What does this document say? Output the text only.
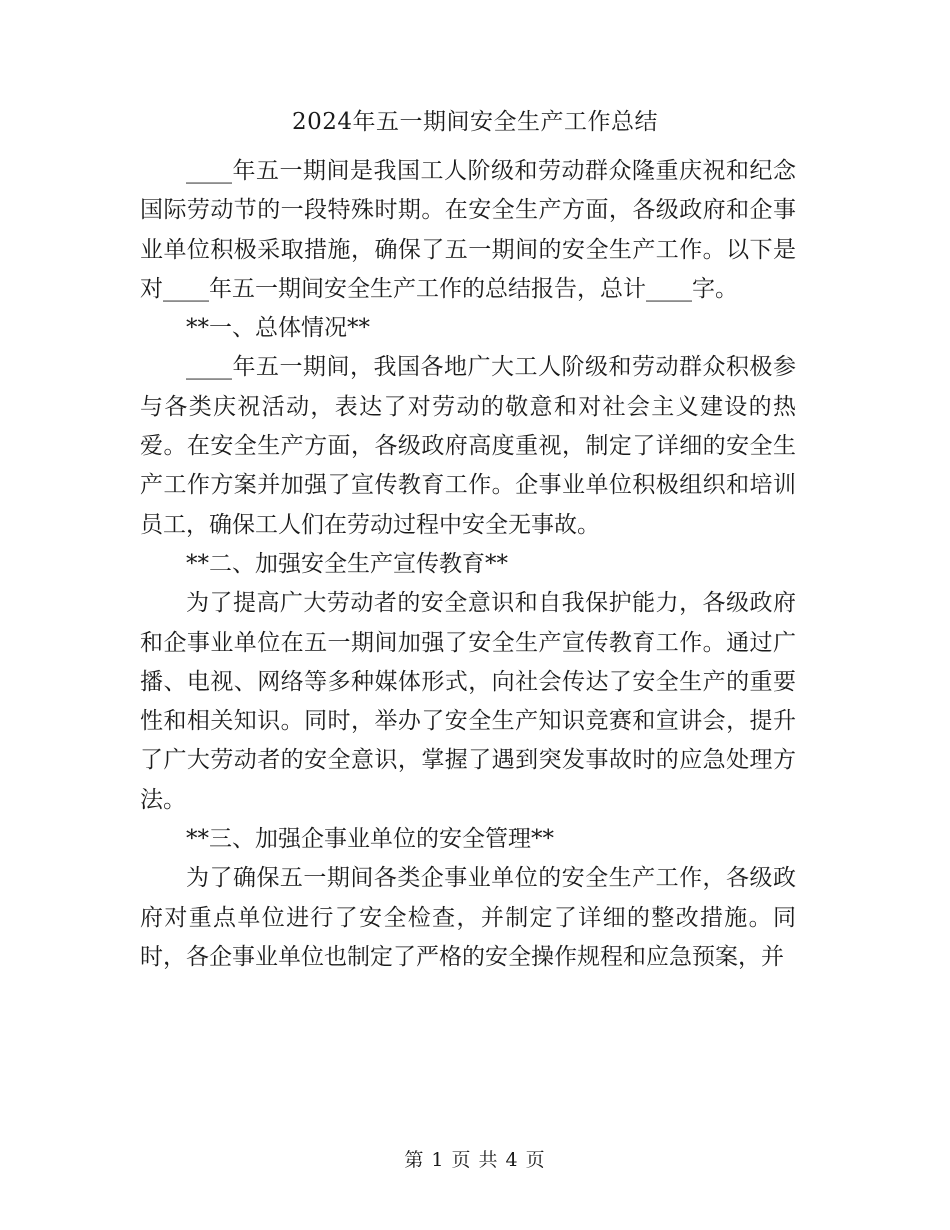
2024年五一期间安全生产工作总结

____年五一期间是我国工人阶级和劳动群众隆重庆祝和纪念国际劳动节的一段特殊时期。在安全生产方面，各级政府和企事业单位积极采取措施，确保了五一期间的安全生产工作。以下是对____年五一期间安全生产工作的总结报告，总计____字。

**一、总体情况**

____年五一期间，我国各地广大工人阶级和劳动群众积极参与各类庆祝活动，表达了对劳动的敬意和对社会主义建设的热爱。在安全生产方面，各级政府高度重视，制定了详细的安全生产工作方案并加强了宣传教育工作。企事业单位积极组织和培训员工，确保工人们在劳动过程中安全无事故。

**二、加强安全生产宣传教育**

为了提高广大劳动者的安全意识和自我保护能力，各级政府和企事业单位在五一期间加强了安全生产宣传教育工作。通过广播、电视、网络等多种媒体形式，向社会传达了安全生产的重要性和相关知识。同时，举办了安全生产知识竞赛和宣讲会，提升了广大劳动者的安全意识，掌握了遇到突发事故时的应急处理方法。

**三、加强企事业单位的安全管理**

为了确保五一期间各类企事业单位的安全生产工作，各级政府对重点单位进行了安全检查，并制定了详细的整改措施。同时，各企事业单位也制定了严格的安全操作规程和应急预案，并

第 1 页 共 4 页
